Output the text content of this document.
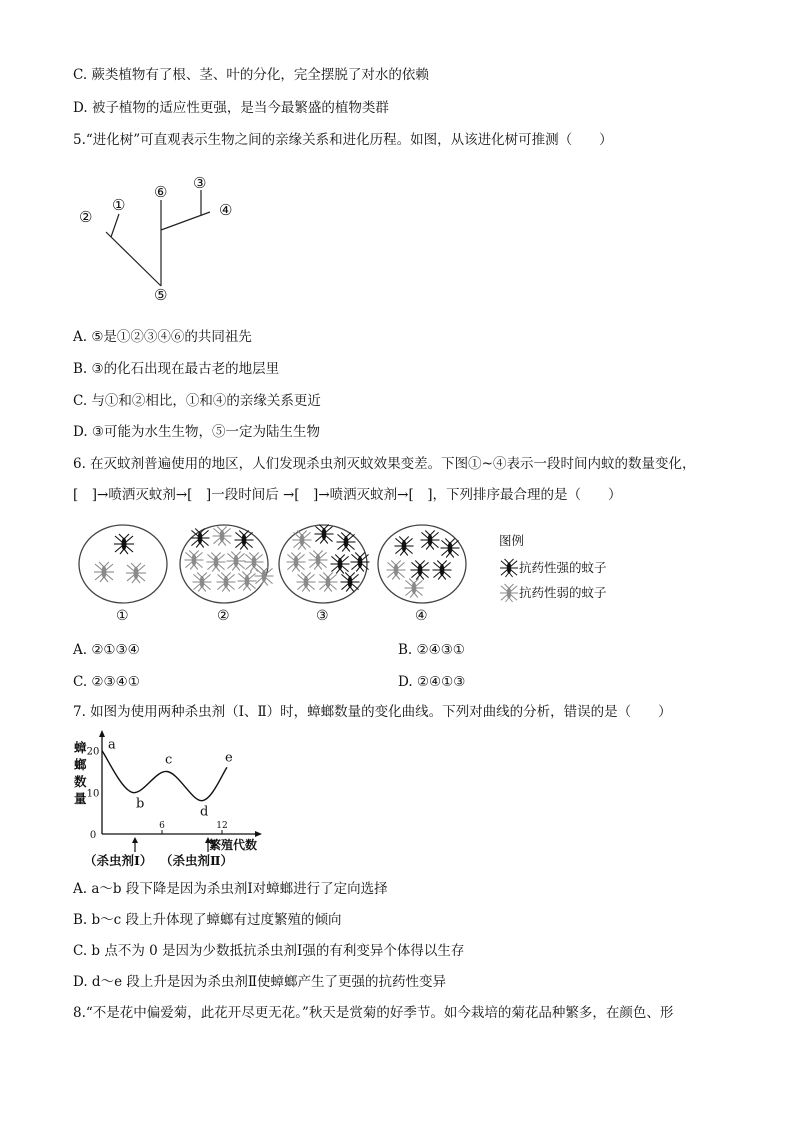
C. 蕨类植物有了根、茎、叶的分化，完全摆脱了对水的依赖
D. 被子植物的适应性更强，是当今最繁盛的植物类群
5.“进化树”可直观表示生物之间的亲缘关系和进化历程。如图，从该进化树可推测（　　）
②
①
⑥ ③
④
⑤
A. ⑤是①②③④⑥的共同祖先
B. ③的化石出现在最古老的地层里
C. 与①和②相比，①和④的亲缘关系更近
D. ③可能为水生生物，⑤一定为陆生生物
6. 在灭蚊剂普遍使用的地区，人们发现杀虫剂灭蚊效果变差。下图①~④表示一段时间内蚊的数量变化，
[　]→喷洒灭蚊剂→[　]一段时间后 →[　]→喷洒灭蚊剂→[　]，下列排序最合理的是（　　）
①	②	③	④
图例
抗药性强的蚊子
抗药性弱的蚊子
A. ②①③④	B. ②④③①
C. ②③④①	D. ②④①③
7. 如图为使用两种杀虫剂（Ⅰ、Ⅱ）时，蟑螂数量的变化曲线。下列对曲线的分析，错误的是（　　）
蟑
螂
数
量
0
10
20
6	12
a
b
c
d
e
（杀虫剂Ⅰ） （杀虫剂Ⅱ）
繁殖代数
A. a～b 段下降是因为杀虫剂Ⅰ对蟑螂进行了定向选择
B. b～c 段上升体现了蟑螂有过度繁殖的倾向
C. b 点不为 0 是因为少数抵抗杀虫剂Ⅰ强的有利变异个体得以生存
D. d～e 段上升是因为杀虫剂Ⅱ使蟑螂产生了更强的抗药性变异
8.“不是花中偏爱菊，此花开尽更无花。”秋天是赏菊的好季节。如今栽培的菊花品种繁多，在颜色、形
